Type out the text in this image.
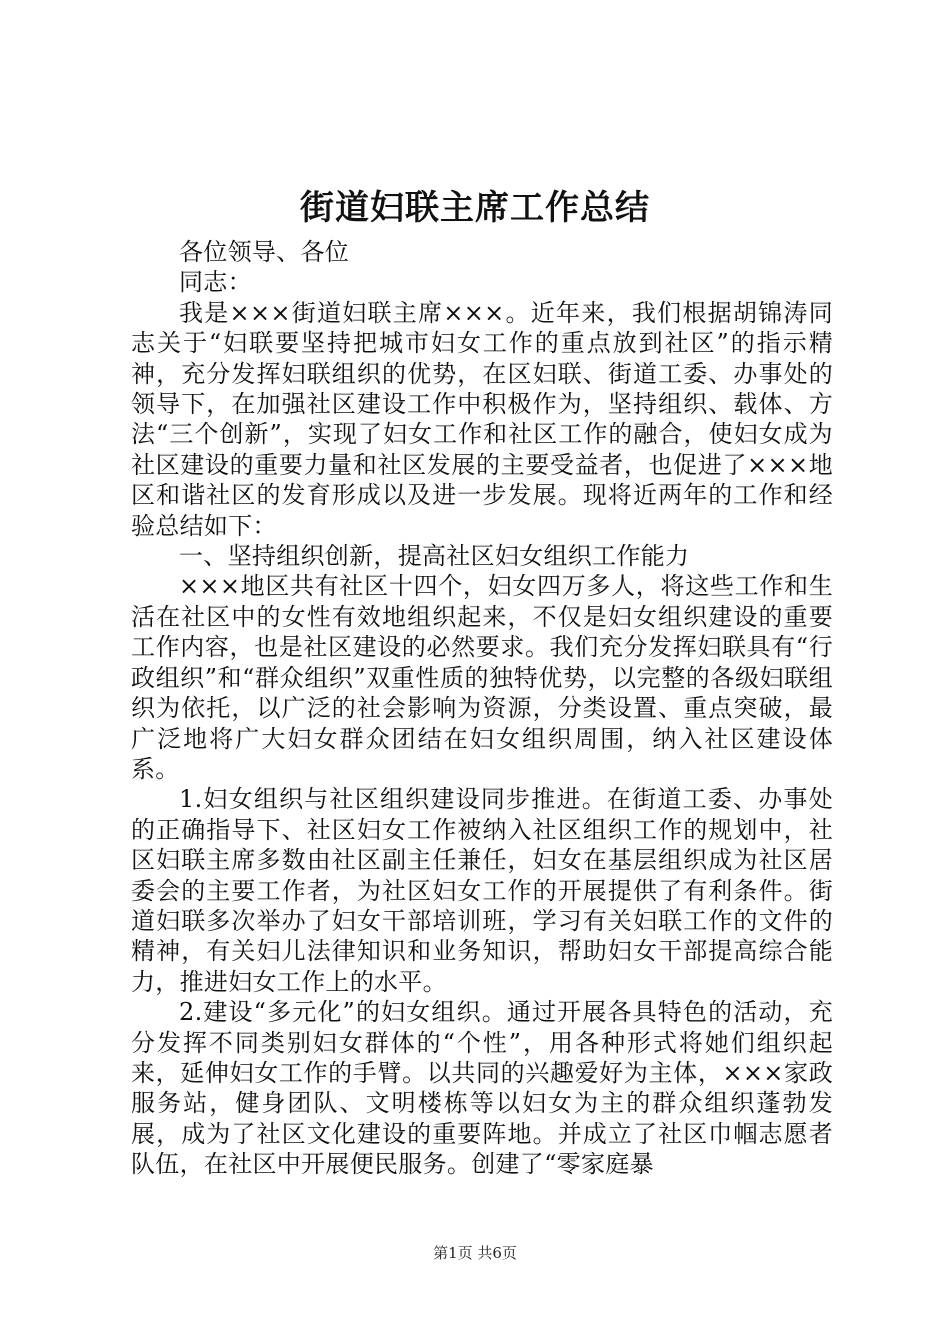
街道妇联主席工作总结

各位领导、各位

同志：

我是×××街道妇联主席×××。近年来，我们根据胡锦涛同志关于“妇联要坚持把城市妇女工作的重点放到社区”的指示精神，充分发挥妇联组织的优势，在区妇联、街道工委、办事处的领导下，在加强社区建设工作中积极作为，坚持组织、载体、方法“三个创新”，实现了妇女工作和社区工作的融合，使妇女成为社区建设的重要力量和社区发展的主要受益者，也促进了×××地区和谐社区的发育形成以及进一步发展。现将近两年的工作和经验总结如下：

一、坚持组织创新，提高社区妇女组织工作能力

×××地区共有社区十四个，妇女四万多人，将这些工作和生活在社区中的女性有效地组织起来，不仅是妇女组织建设的重要工作内容，也是社区建设的必然要求。我们充分发挥妇联具有“行政组织”和“群众组织”双重性质的独特优势，以完整的各级妇联组织为依托，以广泛的社会影响为资源，分类设置、重点突破，最广泛地将广大妇女群众团结在妇女组织周围，纳入社区建设体系。

1.妇女组织与社区组织建设同步推进。在街道工委、办事处的正确指导下、社区妇女工作被纳入社区组织工作的规划中，社区妇联主席多数由社区副主任兼任，妇女在基层组织成为社区居委会的主要工作者，为社区妇女工作的开展提供了有利条件。街道妇联多次举办了妇女干部培训班，学习有关妇联工作的文件的精神，有关妇儿法律知识和业务知识，帮助妇女干部提高综合能力，推进妇女工作上的水平。

2.建设“多元化”的妇女组织。通过开展各具特色的活动，充分发挥不同类别妇女群体的“个性”，用各种形式将她们组织起来，延伸妇女工作的手臂。以共同的兴趣爱好为主体，×××家政服务站，健身团队、文明楼栋等以妇女为主的群众组织蓬勃发展，成为了社区文化建设的重要阵地。并成立了社区巾帼志愿者队伍，在社区中开展便民服务。创建了“零家庭暴

第1页 共6页
